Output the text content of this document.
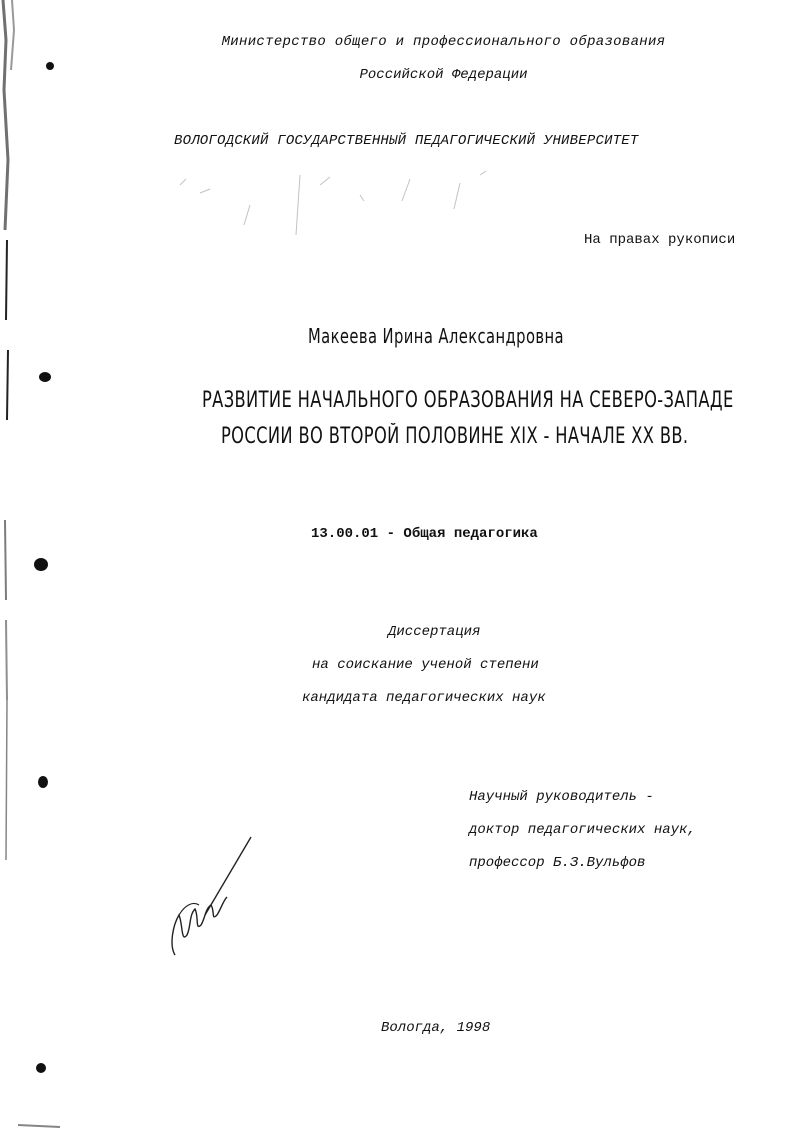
Министерство общего и профессионального образования
Российской Федерации
ВОЛОГОДСКИЙ ГОСУДАРСТВЕННЫЙ ПЕДАГОГИЧЕСКИЙ УНИВЕРСИТЕТ
На правах рукописи
Макеева Ирина Александровна
РАЗВИТИЕ НАЧАЛЬНОГО ОБРАЗОВАНИЯ НА СЕВЕРО-ЗАПАДЕ
РОССИИ ВО ВТОРОЙ ПОЛОВИНЕ XIX - НАЧАЛЕ XX ВВ.
13.00.01 - Общая педагогика
Диссертация
на соискание ученой степени
кандидата педагогических наук
Научный руководитель -
доктор педагогических наук,
профессор Б.З.Вульфов
Вологда, 1998
